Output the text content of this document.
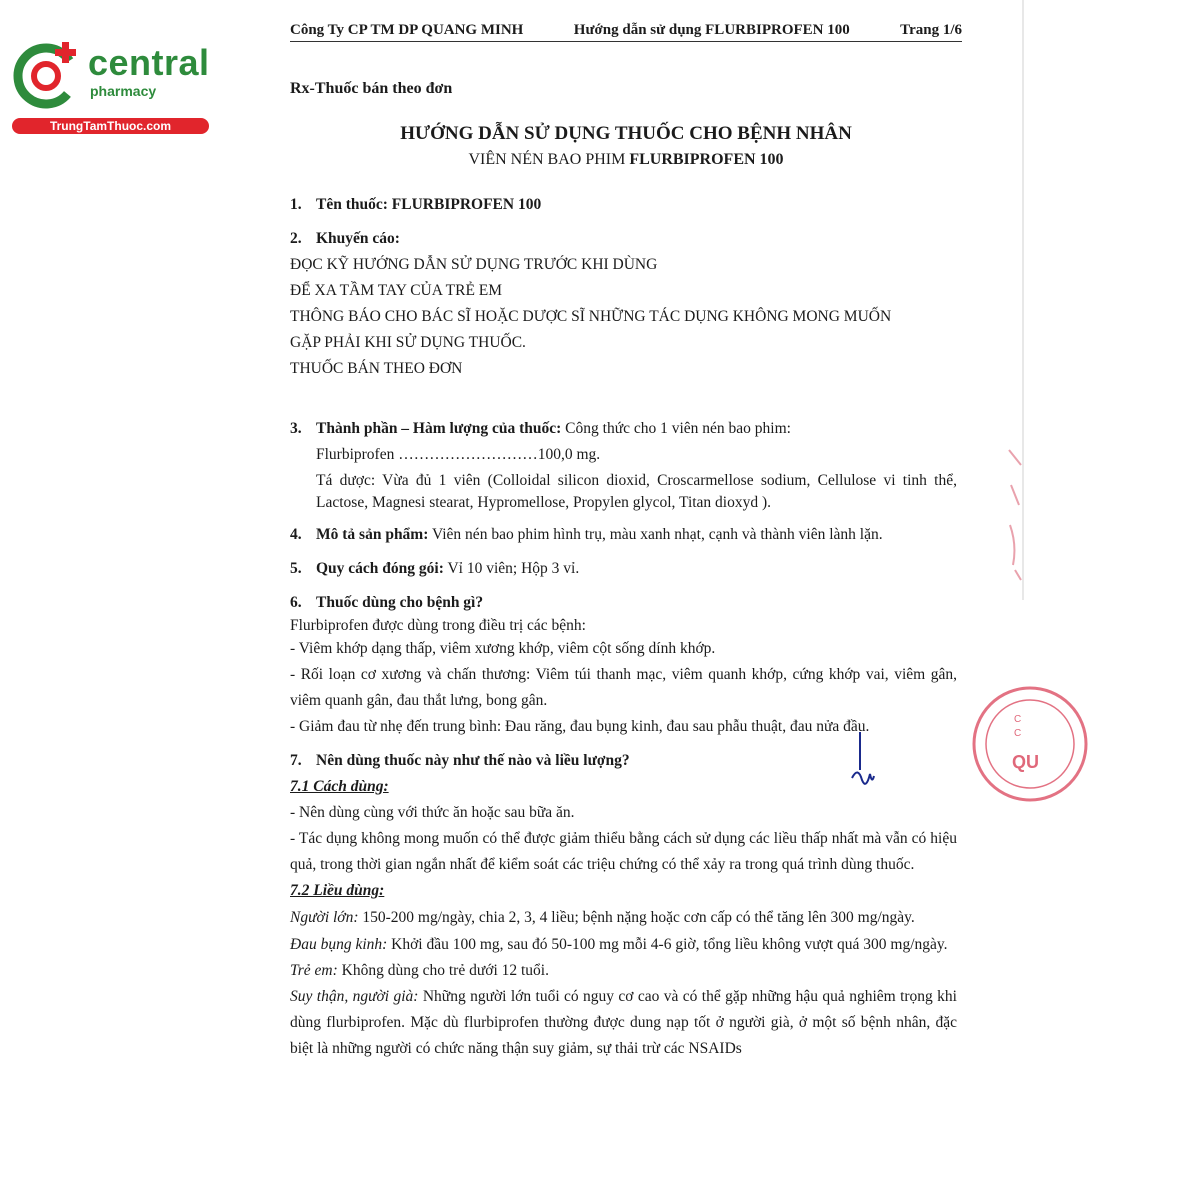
central
pharmacy
TrungTamThuoc.com
Công Ty CP TM DP QUANG MINH	Hướng dẫn sử dụng FLURBIPROFEN 100	Trang 1/6
Rx-Thuốc bán theo đơn
HƯỚNG DẪN SỬ DỤNG THUỐC CHO BỆNH NHÂN
VIÊN NÉN BAO PHIM FLURBIPROFEN 100
1. Tên thuốc: FLURBIPROFEN 100
2. Khuyến cáo:
ĐỌC KỸ HƯỚNG DẪN SỬ DỤNG TRƯỚC KHI DÙNG
ĐỂ XA TẦM TAY CỦA TRẺ EM
THÔNG BÁO CHO BÁC SĨ HOẶC DƯỢC SĨ NHỮNG TÁC DỤNG KHÔNG MONG MUỐN
GẶP PHẢI KHI SỬ DỤNG THUỐC.
THUỐC BÁN THEO ĐƠN
3. Thành phần – Hàm lượng của thuốc: Công thức cho 1 viên nén bao phim:
Flurbiprofen ………………………100,0 mg.
Tá dược: Vừa đủ 1 viên (Colloidal silicon dioxid, Croscarmellose sodium, Cellulose vi tinh thể, Lactose, Magnesi stearat, Hypromellose, Propylen glycol, Titan dioxyd ).
4. Mô tả sản phẩm: Viên nén bao phim hình trụ, màu xanh nhạt, cạnh và thành viên lành lặn.
5. Quy cách đóng gói: Vỉ 10 viên; Hộp 3 vỉ.
6. Thuốc dùng cho bệnh gì?
Flurbiprofen được dùng trong điều trị các bệnh:
- Viêm khớp dạng thấp, viêm xương khớp, viêm cột sống dính khớp.
- Rối loạn cơ xương và chấn thương: Viêm túi thanh mạc, viêm quanh khớp, cứng khớp vai, viêm gân, viêm quanh gân, đau thắt lưng, bong gân.
- Giảm đau từ nhẹ đến trung bình: Đau răng, đau bụng kinh, đau sau phẫu thuật, đau nửa đầu.
7. Nên dùng thuốc này như thế nào và liều lượng?
7.1 Cách dùng:
- Nên dùng cùng với thức ăn hoặc sau bữa ăn.
- Tác dụng không mong muốn có thể được giảm thiểu bằng cách sử dụng các liều thấp nhất mà vẫn có hiệu quả, trong thời gian ngắn nhất để kiểm soát các triệu chứng có thể xảy ra trong quá trình dùng thuốc.
7.2 Liều dùng:
Người lớn: 150-200 mg/ngày, chia 2, 3, 4 liều; bệnh nặng hoặc cơn cấp có thể tăng lên 300 mg/ngày.
Đau bụng kinh: Khởi đầu 100 mg, sau đó 50-100 mg mỗi 4-6 giờ, tổng liều không vượt quá 300 mg/ngày.
Trẻ em: Không dùng cho trẻ dưới 12 tuổi.
Suy thận, người già: Những người lớn tuổi có nguy cơ cao và có thể gặp những hậu quả nghiêm trọng khi dùng flurbiprofen. Mặc dù flurbiprofen thường được dung nạp tốt ở người già, ở một số bệnh nhân, đặc biệt là những người có chức năng thận suy giảm, sự thải trừ các NSAIDs
QU
C
C
